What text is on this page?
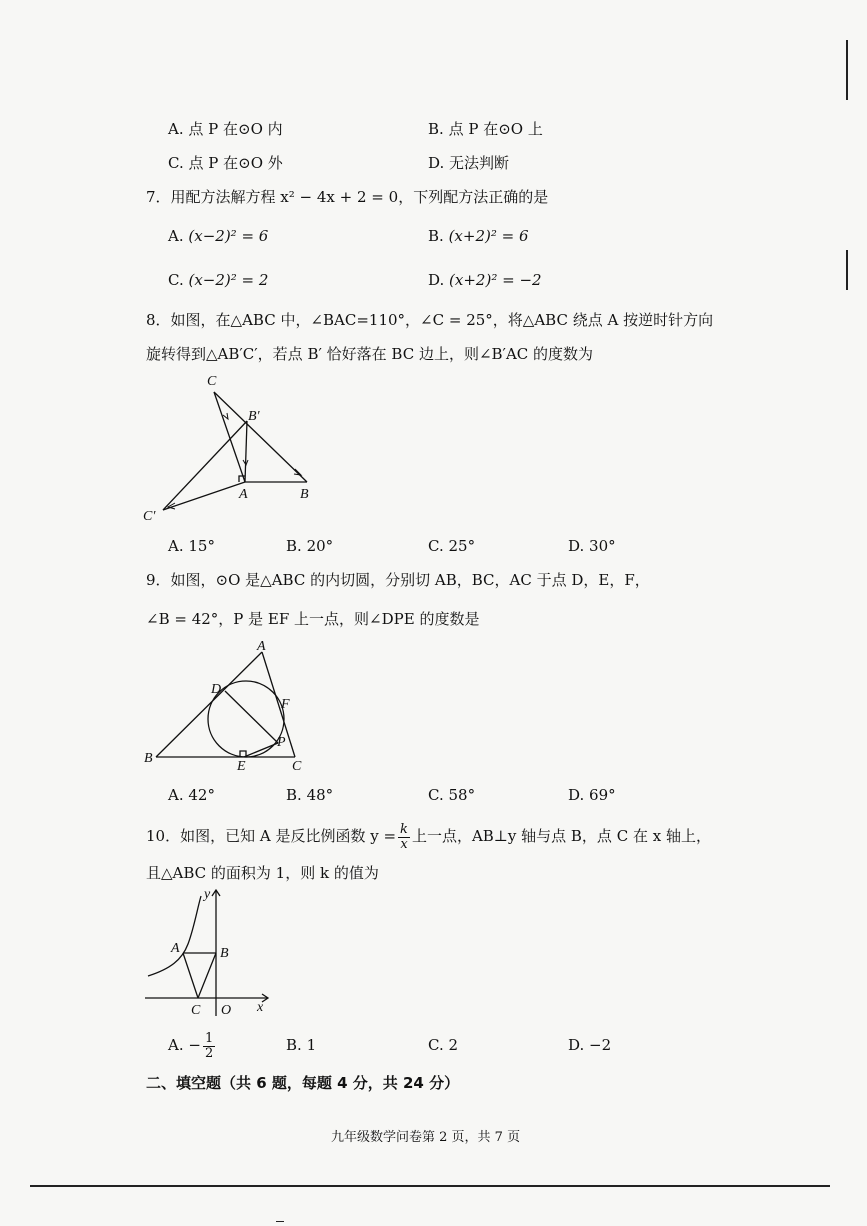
A. 点 P 在⊙O 内	B. 点 P 在⊙O 上
C. 点 P 在⊙O 外	D. 无法判断
7．用配方法解方程 x² − 4x + 2 = 0，下列配方法正确的是
A. (x−2)² = 6	B. (x+2)² = 6
C. (x−2)² = 2	D. (x+2)² = −2
8．如图，在△ABC 中，∠BAC=110°，∠C = 25°，将△ABC 绕点 A 按逆时针方向
旋转得到△AB′C′，若点 B′ 恰好落在 BC 边上，则∠B′AC 的度数为
C
B′
A	B
C′
A. 15°	B. 20°	C. 25°	D. 30°
9．如图，⊙O 是△ABC 的内切圆，分别切 AB，BC，AC 于点 D，E，F，
∠B = 42°，P 是 EF 上一点，则∠DPE 的度数是
A
D
F
P
B
E	C
A. 42°	B. 48°	C. 58°	D. 69°
10．如图，已知 A 是反比例函数 $y = \frac{k}{x}$ 上一点，AB⊥y 轴与点 B，点 C 在 x 轴上，
且△ABC 的面积为 1，则 k 的值为
y
A	B
C O x
A. − $\frac{1}{2}$	B. 1	C. 2	D. −2
二、填空题（共 6 题，每题 4 分，共 24 分）
九年级数学问卷第 2 页，共 7 页
